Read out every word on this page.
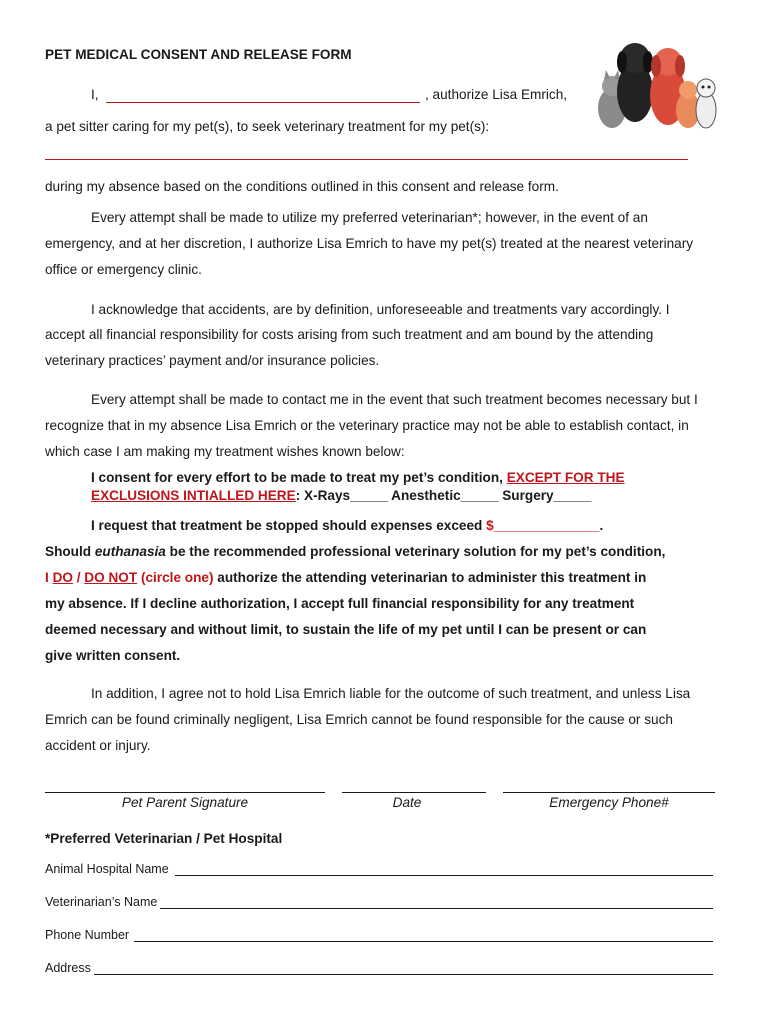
PET MEDICAL CONSENT AND RELEASE FORM
I,	, authorize Lisa Emrich,
a pet sitter caring for my pet(s), to seek veterinary treatment for my pet(s):
during my absence based on the conditions outlined in this consent and release form.
Every attempt shall be made to utilize my preferred veterinarian*; however, in the event of an
emergency, and at her discretion, I authorize Lisa Emrich to have my pet(s) treated at the nearest veterinary
office or emergency clinic.
I acknowledge that accidents, are by definition, unforeseeable and treatments vary accordingly. I
accept all financial responsibility for costs arising from such treatment and am bound by the attending
veterinary practices’ payment and/or insurance policies.
Every attempt shall be made to contact me in the event that such treatment becomes necessary but I
recognize that in my absence Lisa Emrich or the veterinary practice may not be able to establish contact, in
which case I am making my treatment wishes known below:
I consent for every effort to be made to treat my pet’s condition, EXCEPT FOR THE
EXCLUSIONS INTIALLED HERE: X-Rays_____ Anesthetic_____ Surgery_____
I request that treatment be stopped should expenses exceed $______________.
Should euthanasia be the recommended professional veterinary solution for my pet’s condition,
I DO / DO NOT (circle one) authorize the attending veterinarian to administer this treatment in
my absence. If I decline authorization, I accept full financial responsibility for any treatment
deemed necessary and without limit, to sustain the life of my pet until I can be present or can
give written consent.
In addition, I agree not to hold Lisa Emrich liable for the outcome of such treatment, and unless Lisa
Emrich can be found criminally negligent, Lisa Emrich cannot be found responsible for the cause or such
accident or injury.
Pet Parent Signature	Date	Emergency Phone#
*Preferred Veterinarian / Pet Hospital
Animal Hospital Name
Veterinarian’s Name
Phone Number
Address
